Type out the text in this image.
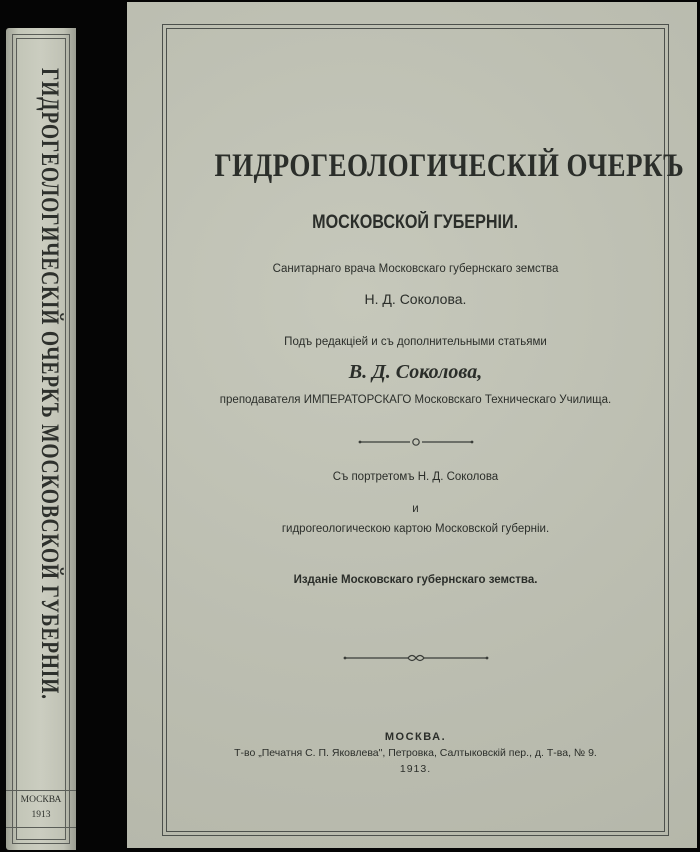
ГИДРОГЕОЛОГИЧЕСКІЙ ОЧЕРКЪ МОСКОВСКОЙ ГУБЕРНІИ.
МОСКВА
1913
ГИДРОГЕОЛОГИЧЕСКІЙ ОЧЕРКЪ
МОСКОВСКОЙ ГУБЕРНІИ.
Санитарнаго врача Московскаго губернскаго земства
Н. Д. Соколова.
Подъ редакціей и съ дополнительными статьями
В. Д. Соколова,
преподавателя ИМПЕРАТОРСКАГО Московскаго Техническаго Училища.
Съ портретомъ Н. Д. Соколова
и
гидрогеологическою картою Московской губерніи.
Изданіе Московскаго губернскаго земства.
МОСКВА.
Т-во „Печатня С. П. Яковлева", Петровка, Салтыковскій пер., д. Т-ва, № 9.
1913.
